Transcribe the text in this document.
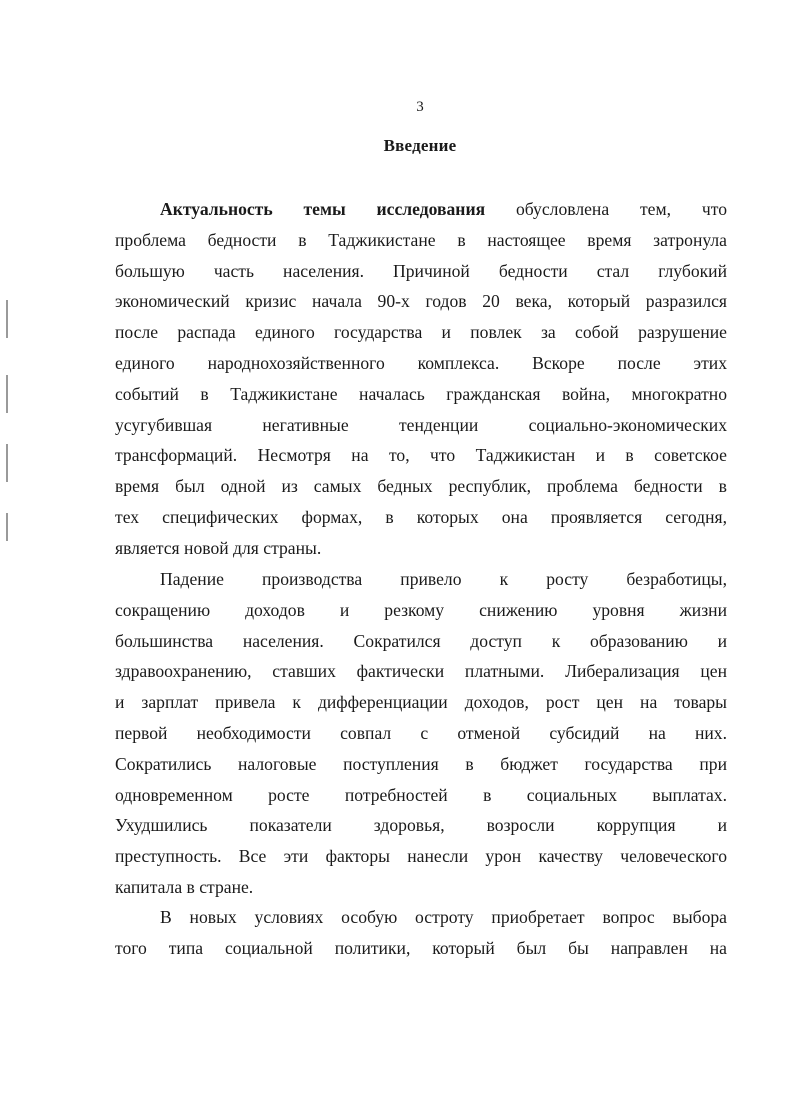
3
Введение
Актуальность темы исследования обусловлена тем, что
проблема бедности в Таджикистане в настоящее время затронула
большую часть населения. Причиной бедности стал глубокий
экономический кризис начала 90-х годов 20 века, который разразился
после распада единого государства и повлек за собой разрушение
единого народнохозяйственного комплекса. Вскоре после этих
событий в Таджикистане началась гражданская война, многократно
усугубившая негативные тенденции социально-экономических
трансформаций. Несмотря на то, что Таджикистан и в советское
время был одной из самых бедных республик, проблема бедности в
тех специфических формах, в которых она проявляется сегодня,
является новой для страны.
Падение производства привело к росту безработицы,
сокращению доходов и резкому снижению уровня жизни
большинства населения. Сократился доступ к образованию и
здравоохранению, ставших фактически платными. Либерализация цен
и зарплат привела к дифференциации доходов, рост цен на товары
первой необходимости совпал с отменой субсидий на них.
Сократились налоговые поступления в бюджет государства при
одновременном росте потребностей в социальных выплатах.
Ухудшились показатели здоровья, возросли коррупция и
преступность. Все эти факторы нанесли урон качеству человеческого
капитала в стране.
В новых условиях особую остроту приобретает вопрос выбора
того типа социальной политики, который был бы направлен на
